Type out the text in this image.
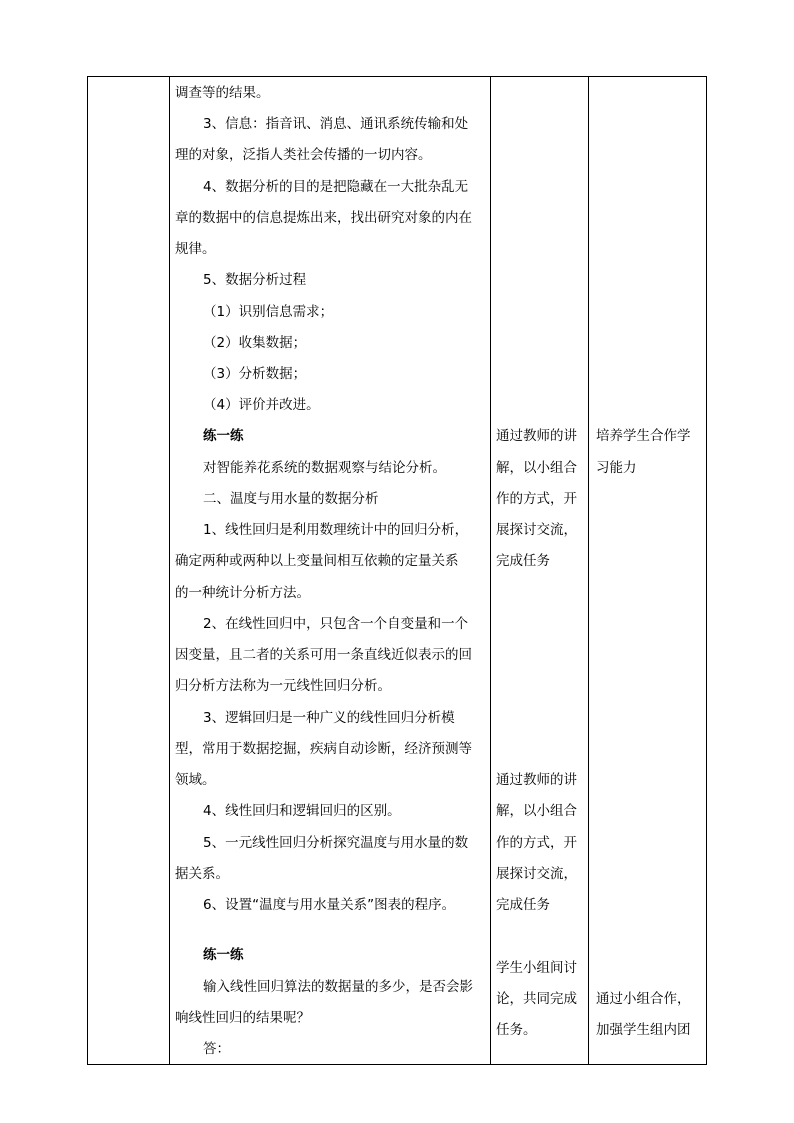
调查等的结果。
3、信息：指音讯、消息、通讯系统传输和处
理的对象，泛指人类社会传播的一切内容。
4、数据分析的目的是把隐藏在一大批杂乱无
章的数据中的信息提炼出来，找出研究对象的内在
规律。
5、数据分析过程
（1）识别信息需求；
（2）收集数据；
（3）分析数据；
（4）评价并改进。
练一练
对智能养花系统的数据观察与结论分析。
二、温度与用水量的数据分析
1、线性回归是利用数理统计中的回归分析，
确定两种或两种以上变量间相互依赖的定量关系
的一种统计分析方法。
2、在线性回归中，只包含一个自变量和一个
因变量，且二者的关系可用一条直线近似表示的回
归分析方法称为一元线性回归分析。
3、逻辑回归是一种广义的线性回归分析模
型，常用于数据挖掘，疾病自动诊断，经济预测等
领域。
4、线性回归和逻辑回归的区别。
5、一元线性回归分析探究温度与用水量的数
据关系。
6、设置“温度与用水量关系”图表的程序。
练一练
输入线性回归算法的数据量的多少，是否会影
响线性回归的结果呢？
答：
通过教师的讲
解，以小组合
作的方式，开
展探讨交流，
完成任务
通过教师的讲
解，以小组合
作的方式，开
展探讨交流，
完成任务
学生小组间讨
论，共同完成
任务。
培养学生合作学
习能力
通过小组合作，
加强学生组内团
